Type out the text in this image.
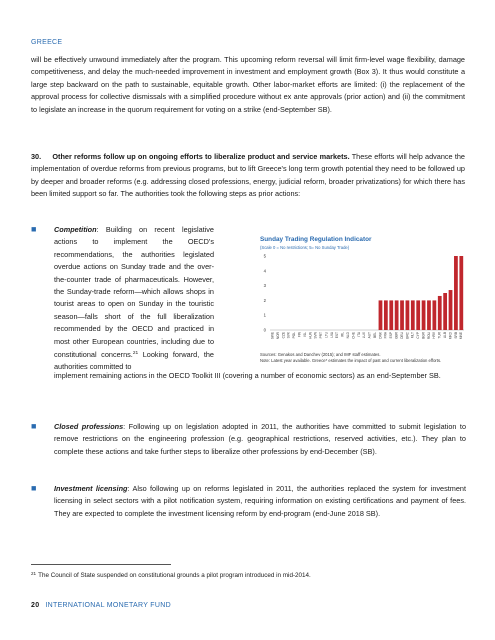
GREECE
will be effectively unwound immediately after the program. This upcoming reform reversal will limit firm-level wage flexibility, damage competitiveness, and delay the much-needed improvement in investment and employment growth (Box 3). It thus would constitute a large step backward on the path to sustainable, equitable growth. Other labor-market efforts are limited: (i) the replacement of the approval process for collective dismissals with a simplified procedure without ex ante approvals (prior action) and (ii) the commitment to legislate an increase in the quorum requirement for voting on a strike (end-September SB).
30. Other reforms follow up on ongoing efforts to liberalize product and service markets. These efforts will help advance the implementation of overdue reforms from previous programs, but to lift Greece's long term growth potential they need to be followed up by deeper and broader reforms (e.g. addressing closed professions, energy, judicial reform, broader privatizations) for which there has been limited support so far. The authorities took the following steps as prior actions:
■ Competition: Building on recent legislative actions to implement the OECD's recommendations, the authorities legislated overdue actions on Sunday trade and the over-the-counter trade of pharmaceuticals. However, the Sunday-trade reform—which allows shops in tourist areas to open on Sunday in the touristic season—falls short of the full liberalization recommended by the OECD and practiced in most other European countries, including due to constitutional concerns.$^{21}$ Looking forward, the authorities committed to
implement remaining actions in the OECD Toolkit III (covering a number of economic sectors) as an end-September SB.
Sunday Trading Regulation Indicator
(Scale 0 = No restrictions; 5= No Sunday Trade)
0
1
2
3
4
5
SWE NOR CZE SVK POL FIN ISL HUN SVN PRT LTU LVA EST IRL NLD CHE ITA LUX AUT BEL DNK FRA ESP GBR DEU GRC MLT CYP BGR ROU HRV TUR ALB MKD SRB MNE
Sources: Genakos and Danchev (2015); and IMF staff estimates.
Note: Latest year available. Greece* estimates the impact of past and current liberalization efforts.
■ Closed professions: Following up on legislation adopted in 2011, the authorities have committed to submit legislation to remove restrictions on the engineering profession (e.g. geographical restrictions, reserved activities, etc.). They plan to complete these actions and take further steps to liberalize other professions by end-December (SB).
■ Investment licensing: Also following up on reforms legislated in 2011, the authorities replaced the system for investment licensing in select sectors with a pilot notification system, requiring information on existing certifications and payment of fees. They are expected to complete the investment licensing reform by end-program (end-June 2018 SB).
$^{21}$ The Council of State suspended on constitutional grounds a pilot program introduced in mid-2014.
20 INTERNATIONAL MONETARY FUND
